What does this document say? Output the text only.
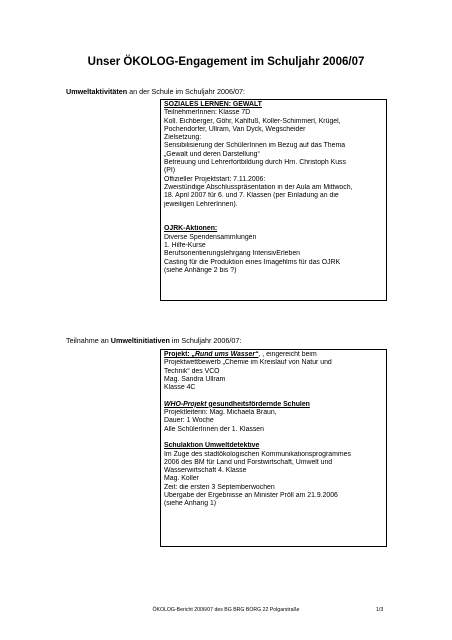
Unser ÖKOLOG-Engagement im Schuljahr 2006/07
Umweltaktivitäten an der Schule im Schuljahr 2006/07:
SOZIALES LERNEN: GEWALT
TeilnehmerInnen: Klasse 7D
Koll. Eichberger, Göhr, Kahlfuß, Koller-Schimmerl, Krügel,
Pochendorfer, Ullram, Van Dyck, Wegscheider
Zielsetzung:
Sensibilisierung der SchülerInnen im Bezug auf das Thema
„Gewalt und deren Darstellung“
Betreuung und Lehrerfortbildung durch Hrn. Christoph Kuss
(PI)
Offizieller Projektstart: 7.11.2006:
Zweistündige Abschlusspräsentation in der Aula am Mittwoch,
18. April 2007 für 6. und 7. Klassen (per Einladung an die
jeweiligen LehrerInnen).
ÖJRK-Aktionen:
Diverse Spendensammlungen
1. Hilfe-Kurse
Berufsorientierungslehrgang IntensivErleben
Casting für die Produktion eines Imagefilms für das ÖJRK
(siehe Anhänge 2 bis ?)
Teilnahme an Umweltinitiativen im Schuljahr 2006/07:
Projekt: „Rund ums Wasser“, , eingereicht beim
Projektwettbewerb „Chemie im Kreislauf von Natur und
Technik“ des VCÖ
Mag. Sandra Ullram
Klasse 4C
WHO-Projekt gesundheitsfördernde Schulen
Projektleiterin: Mag. Michaela Braun,
Dauer: 1 Woche
Alle SchülerInnen der 1. Klassen
Schulaktion Umweltdetektive
Im Zuge des stadtökologischen Kommunikationsprogrammes
2006 des BM für Land und Forstwirtschaft, Umwelt und
Wasserwirtschaft 4. Klasse
Mag. Koller
Zeit: die ersten 3 Septemberwochen
Übergabe der Ergebnisse an Minister Pröll am 21.9.2006
(siehe Anhang 1)
ÖKOLOG-Bericht 2006/07 des BG BRG BORG 22 Polgarstraße	1/3
